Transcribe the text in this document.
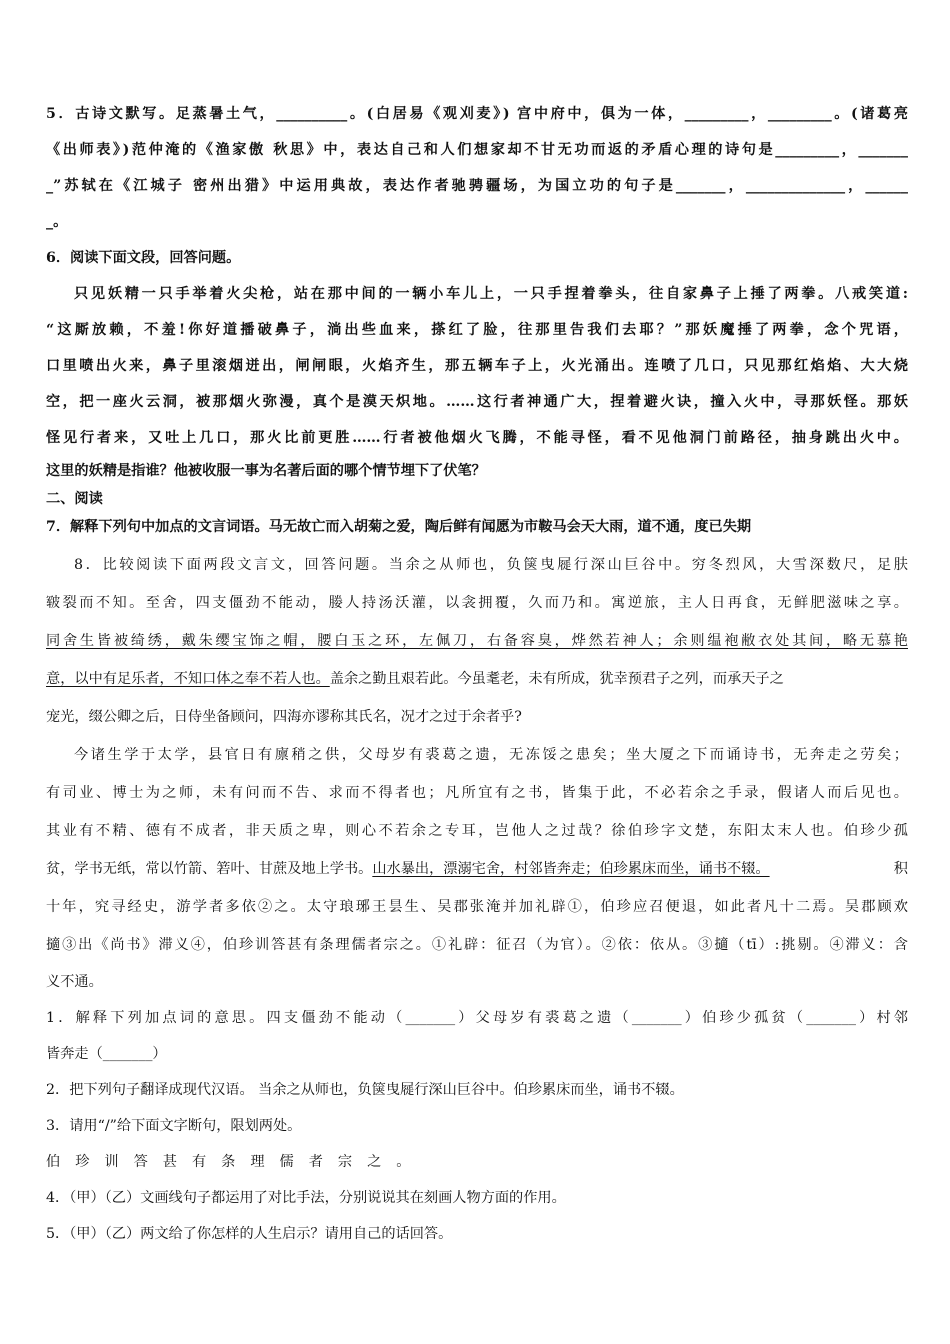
5．古诗文默写。足蒸暑土气，__________。(白居易《观刈麦》) 宫中府中，俱为一体，_________，_________。(诸葛亮
《出师表》)范仲淹的《渔家傲 秋思》中，表达自己和人们想家却不甘无功而返的矛盾心理的诗句是_________，_______
_”苏轼在《江城子 密州出猎》中运用典故，表达作者驰骋疆场，为国立功的句子是_______，______________，______
_。
6．阅读下面文段，回答问题。
只见妖精一只手举着火尖枪，站在那中间的一辆小车儿上，一只手捏着拳头，往自家鼻子上捶了两拳。八戒笑道:
“这厮放赖，不羞!你好道播破鼻子，淌出些血来，搽红了脸，往那里告我们去耶？”那妖魔捶了两拳，念个咒语，
口里喷出火来，鼻子里滚烟迸出，闸闸眼，火焰齐生，那五辆车子上，火光涌出。连喷了几口，只见那红焰焰、大大烧
空，把一座火云洞，被那烟火弥漫，真个是漠天炽地。……这行者神通广大，捏着避火诀，撞入火中，寻那妖怪。那妖
怪见行者来，又吐上几口，那火比前更胜……行者被他烟火飞腾，不能寻怪，看不见他洞门前路径，抽身跳出火中。
这里的妖精是指谁？他被收服一事为名著后面的哪个情节埋下了伏笔？
二、阅读
7．解释下列句中加点的文言词语。马无故亡而入胡菊之爱，陶后鲜有闻愿为市鞍马会天大雨，道不通，度已失期
8．比较阅读下面两段文言文，回答问题。当余之从师也，负箧曳屣行深山巨谷中。穷冬烈风，大雪深数尺，足肤
皲裂而不知。至舍，四支僵劲不能动，媵人持汤沃灌，以衾拥覆，久而乃和。寓逆旅，主人日再食，无鲜肥滋味之享。
同舍生皆被绮绣，戴朱缨宝饰之帽，腰白玉之环，左佩刀，右备容臭，烨然若神人；余则缊袍敝衣处其间，略无慕艳
意，以中有足乐者，不知口体之奉不若人也。盖余之勤且艰若此。今虽耄老，未有所成，犹幸预君子之列，而承天子之
宠光，缀公卿之后，日侍坐备顾问，四海亦谬称其氏名，况才之过于余者乎?
今诸生学于太学，县官日有廪稍之供，父母岁有裘葛之遗，无冻馁之患矣；坐大厦之下而诵诗书，无奔走之劳矣；
有司业、博士为之师，未有问而不告、求而不得者也；凡所宜有之书，皆集于此，不必若余之手录，假诸人而后见也。
其业有不精、德有不成者，非天质之卑，则心不若余之专耳，岂他人之过哉？徐伯珍字文楚，东阳太末人也。伯珍少孤
贫，学书无纸，常以竹箭、箬叶、甘蔗及地上学书。山水暴出，漂溺宅舍，村邻皆奔走；伯珍累床而坐，诵书不辍。	积
十年，究寻经史，游学者多依②之。太守琅琊王昙生、吴郡张淹并加礼辟①，伯珍应召便退，如此者凡十二焉。吴郡顾欢
擿③出《尚书》滞义④，伯珍训答甚有条理儒者宗之。①礼辟：征召（为官）。②依：依从。③擿（tī）:挑剔。④滞义：含
义不通。
1．解释下列加点词的意思。四支僵劲不能动（_______）父母岁有裘葛之遗（_______）伯珍少孤贫（_______）村邻
皆奔走（_______）
2．把下列句子翻译成现代汉语。 当余之从师也，负箧曳屣行深山巨谷中。伯珍累床而坐，诵书不辍。
3．请用“/”给下面文字断句，限划两处。
伯珍训答甚有条理儒者宗之。
4．（甲）（乙）文画线句子都运用了对比手法，分别说说其在刻画人物方面的作用。
5．（甲）（乙）两文给了你怎样的人生启示？请用自己的话回答。
